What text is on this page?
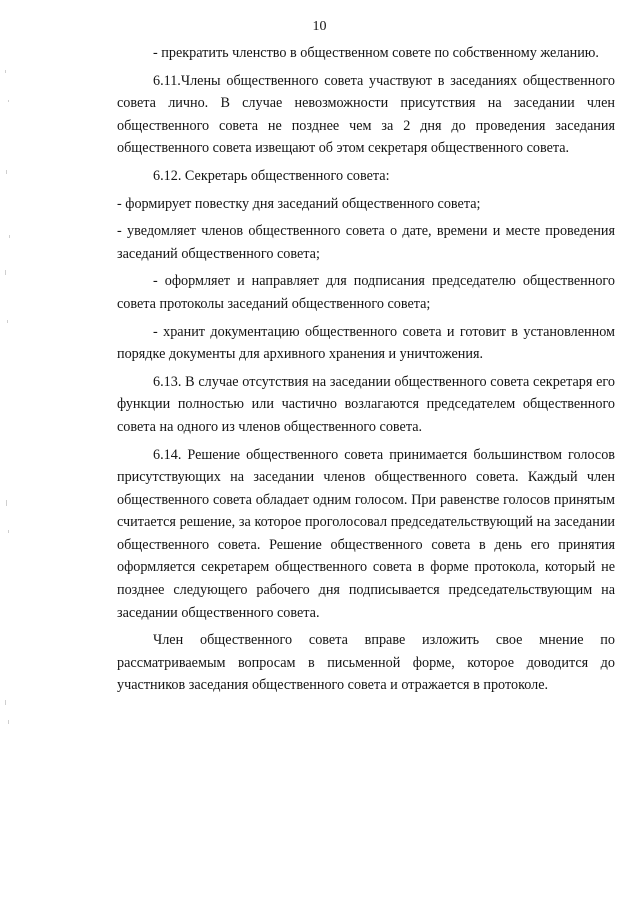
10

- прекратить членство в общественном совете по собственному желанию.

6.11.Члены общественного совета участвуют в заседаниях общественного совета лично. В случае невозможности присутствия на заседании член общественного совета не позднее чем за 2 дня до проведения заседания общественного совета извещают об этом секретаря общественного совета.

6.12. Секретарь общественного совета:

- формирует повестку дня заседаний общественного совета;

- уведомляет членов общественного совета о дате, времени и месте проведения заседаний общественного совета;

- оформляет и направляет для подписания председателю общественного совета протоколы заседаний общественного совета;

- хранит документацию общественного совета и готовит в установленном порядке документы для архивного хранения и уничтожения.

6.13. В случае отсутствия на заседании общественного совета секретаря его функции полностью или частично возлагаются председателем общественного совета на одного из членов общественного совета.

6.14. Решение общественного совета принимается большинством голосов присутствующих на заседании членов общественного совета. Каждый член общественного совета обладает одним голосом. При равенстве голосов принятым считается решение, за которое проголосовал председательствующий на заседании общественного совета. Решение общественного совета в день его принятия оформляется секретарем общественного совета в форме протокола, который не позднее следующего рабочего дня подписывается председательствующим на заседании общественного совета.

Член общественного совета вправе изложить свое мнение по рассматриваемым вопросам в письменной форме, которое доводится до участников заседания общественного совета и отражается в протоколе.
